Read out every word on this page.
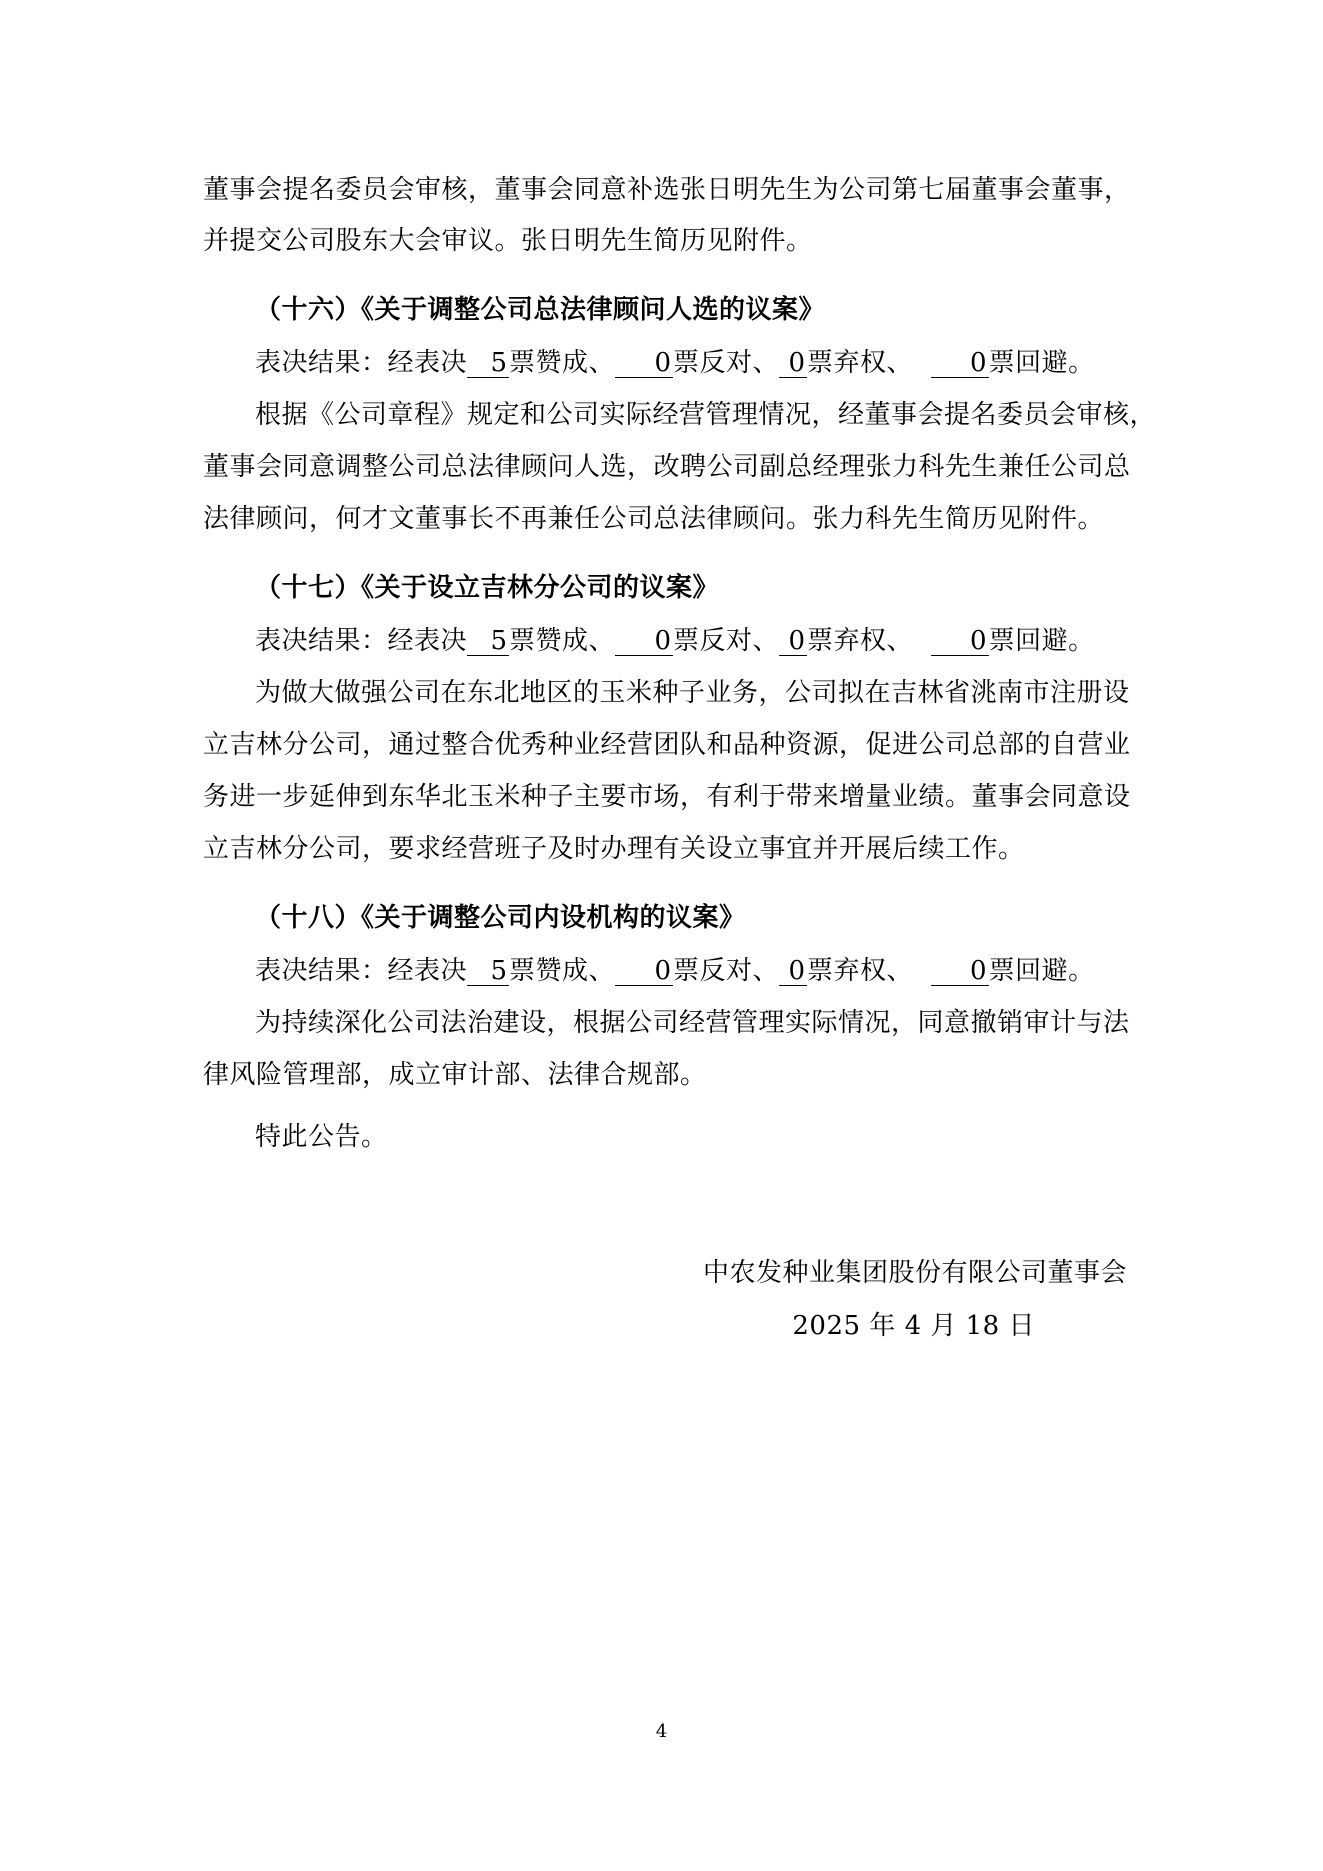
董事会提名委员会审核，董事会同意补选张日明先生为公司第七届董事会董事，
并提交公司股东大会审议。张日明先生简历见附件。
（十六）《关于调整公司总法律顾问人选的议案》
表决结果：经表决 5票赞成、 0票反对、 0票弃权、 0票回避。
根据《公司章程》规定和公司实际经营管理情况，经董事会提名委员会审核，
董事会同意调整公司总法律顾问人选，改聘公司副总经理张力科先生兼任公司总
法律顾问，何才文董事长不再兼任公司总法律顾问。张力科先生简历见附件。
（十七）《关于设立吉林分公司的议案》
表决结果：经表决 5票赞成、 0票反对、 0票弃权、 0票回避。
为做大做强公司在东北地区的玉米种子业务，公司拟在吉林省洮南市注册设
立吉林分公司，通过整合优秀种业经营团队和品种资源，促进公司总部的自营业
务进一步延伸到东华北玉米种子主要市场，有利于带来增量业绩。董事会同意设
立吉林分公司，要求经营班子及时办理有关设立事宜并开展后续工作。
（十八）《关于调整公司内设机构的议案》
表决结果：经表决 5票赞成、 0票反对、 0票弃权、 0票回避。
为持续深化公司法治建设，根据公司经营管理实际情况，同意撤销审计与法
律风险管理部，成立审计部、法律合规部。
特此公告。
中农发种业集团股份有限公司董事会
2025 年 4 月 18 日
4
